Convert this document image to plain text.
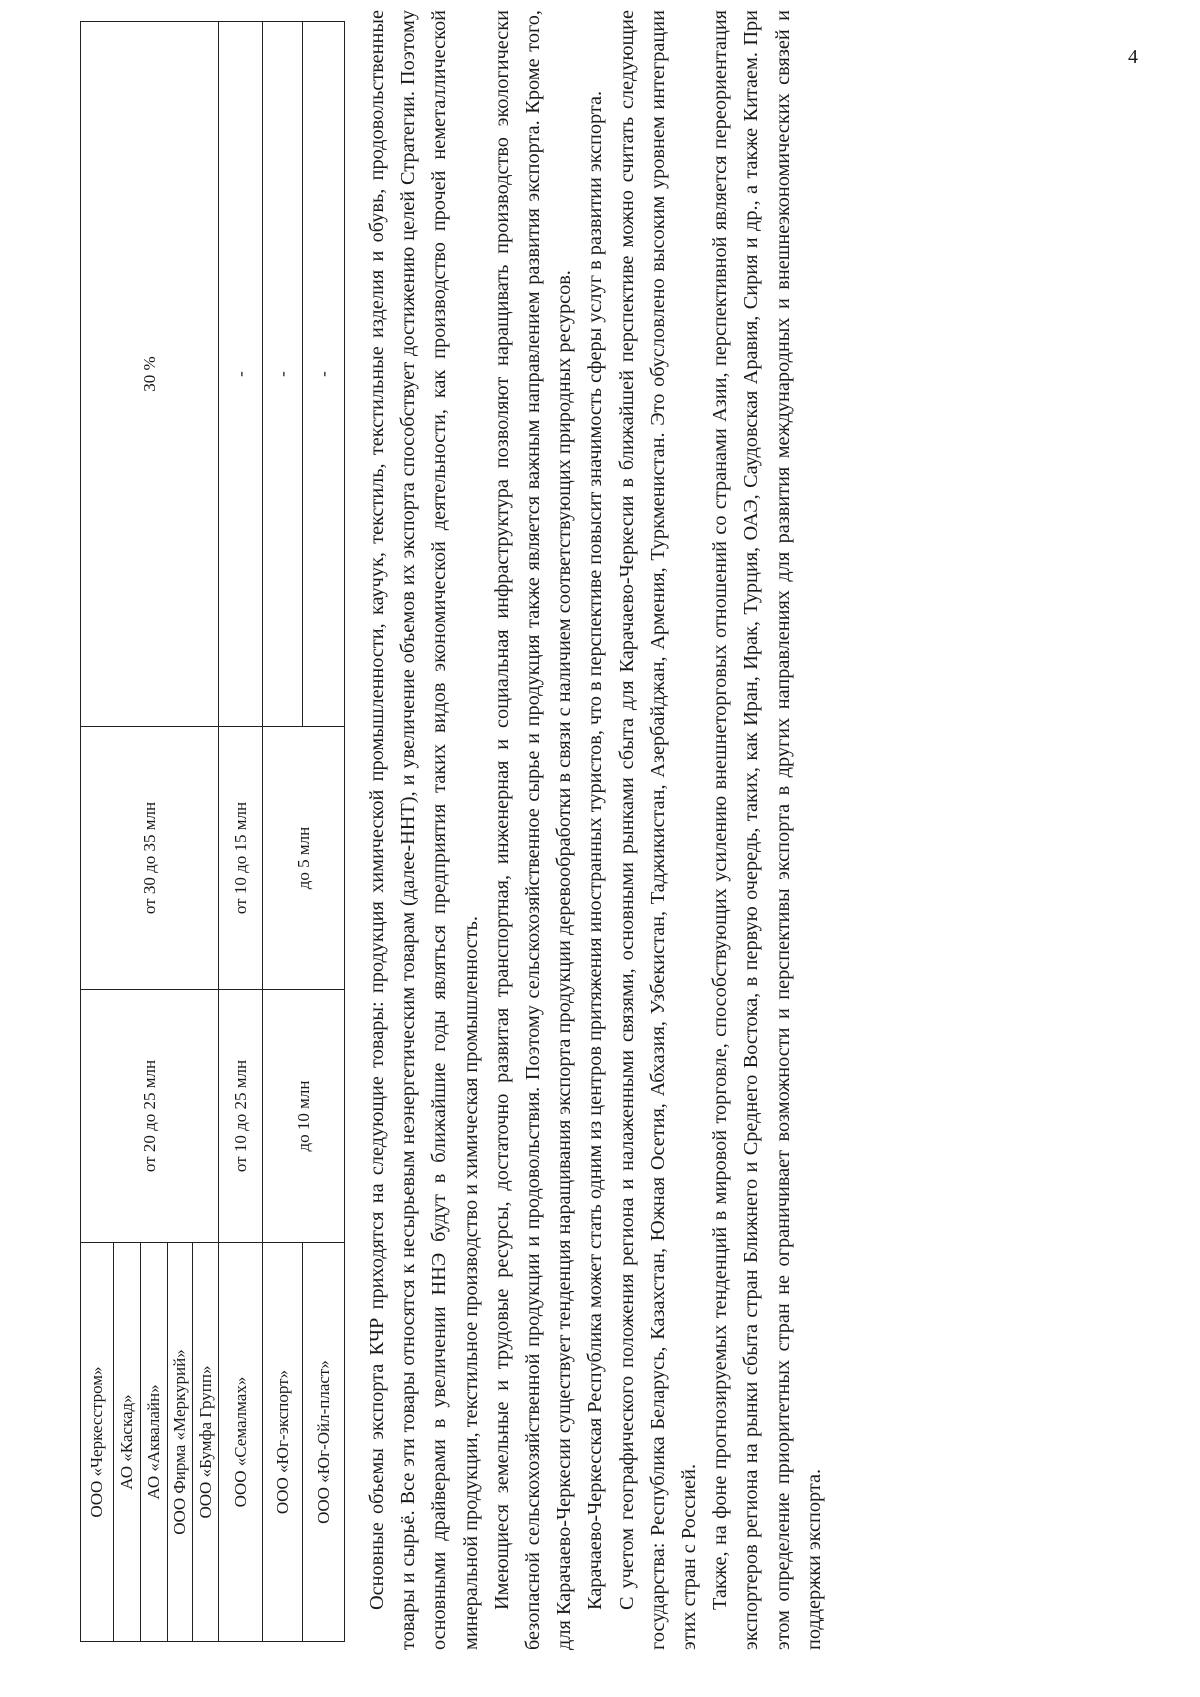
4
ООО «Черкесстром»	от 20 до 25 млн	от 30 до 35 млн	30 %
АО «Каскад»			
АО «Аквалайн»			
ООО Фирма «Меркурий»			
ООО «Бумфа Групп»			
ООО «Семалмах»	от 10 до 25 млн	от 10 до 15 млн	-
ООО «Юг-экспорт»	до 10 млн	до 5 млн	-
ООО «Юг-Ойл-пласт»			- Основные объемы экспорта КЧР приходятся на следующие товары: продукция химической промышленности, каучук, текстиль, текстильные изделия и обувь, продовольственные товары и сырьё. Все эти товары относятся к несырьевым неэнергетическим товарам (далее-ННТ), и увеличение объемов их экспорта способствует достижению целей Стратегии. Поэтому основными драйверами в увеличении ННЭ будут в ближайшие годы являться предприятия таких видов экономической деятельности, как производство прочей неметаллической минеральной продукции, текстильное производство и химическая промышленность. Имеющиеся земельные и трудовые ресурсы, достаточно развитая транспортная, инженерная и социальная инфраструктура позволяют наращивать производство экологически безопасной сельскохозяйственной продукции и продовольствия. Поэтому сельскохозяйственное сырье и продукция также является важным направлением развития экспорта. Кроме того, для Карачаево-Черкесии существует тенденция наращивания экспорта продукции деревообработки в связи с наличием соответствующих природных ресурсов. Карачаево-Черкесская Республика может стать одним из центров притяжения иностранных туристов, что в перспективе повысит значимость сферы услуг в развитии экспорта. С учетом географического положения региона и налаженными связями, основными рынками сбыта для Карачаево-Черкесии в ближайшей перспективе можно считать следующие государства: Республика Беларусь, Казахстан, Южная Осетия, Абхазия, Узбекистан, Таджикистан, Азербайджан, Армения, Туркменистан. Это обусловлено высоким уровнем интеграции этих стран с Россией. Также, на фоне прогнозируемых тенденций в мировой торговле, способствующих усилению внешнеторговых отношений со странами Азии, перспективной является переориентация экспортеров региона на рынки сбыта стран Ближнего и Среднего Востока, в первую очередь, таких, как Иран, Ирак, Турция, ОАЭ, Саудовская Аравия, Сирия и др., а также Китаем. При этом определение приоритетных стран не ограничивает возможности и перспективы экспорта в других направлениях для развития международных и внешнеэкономических связей и поддержки экспорта.
